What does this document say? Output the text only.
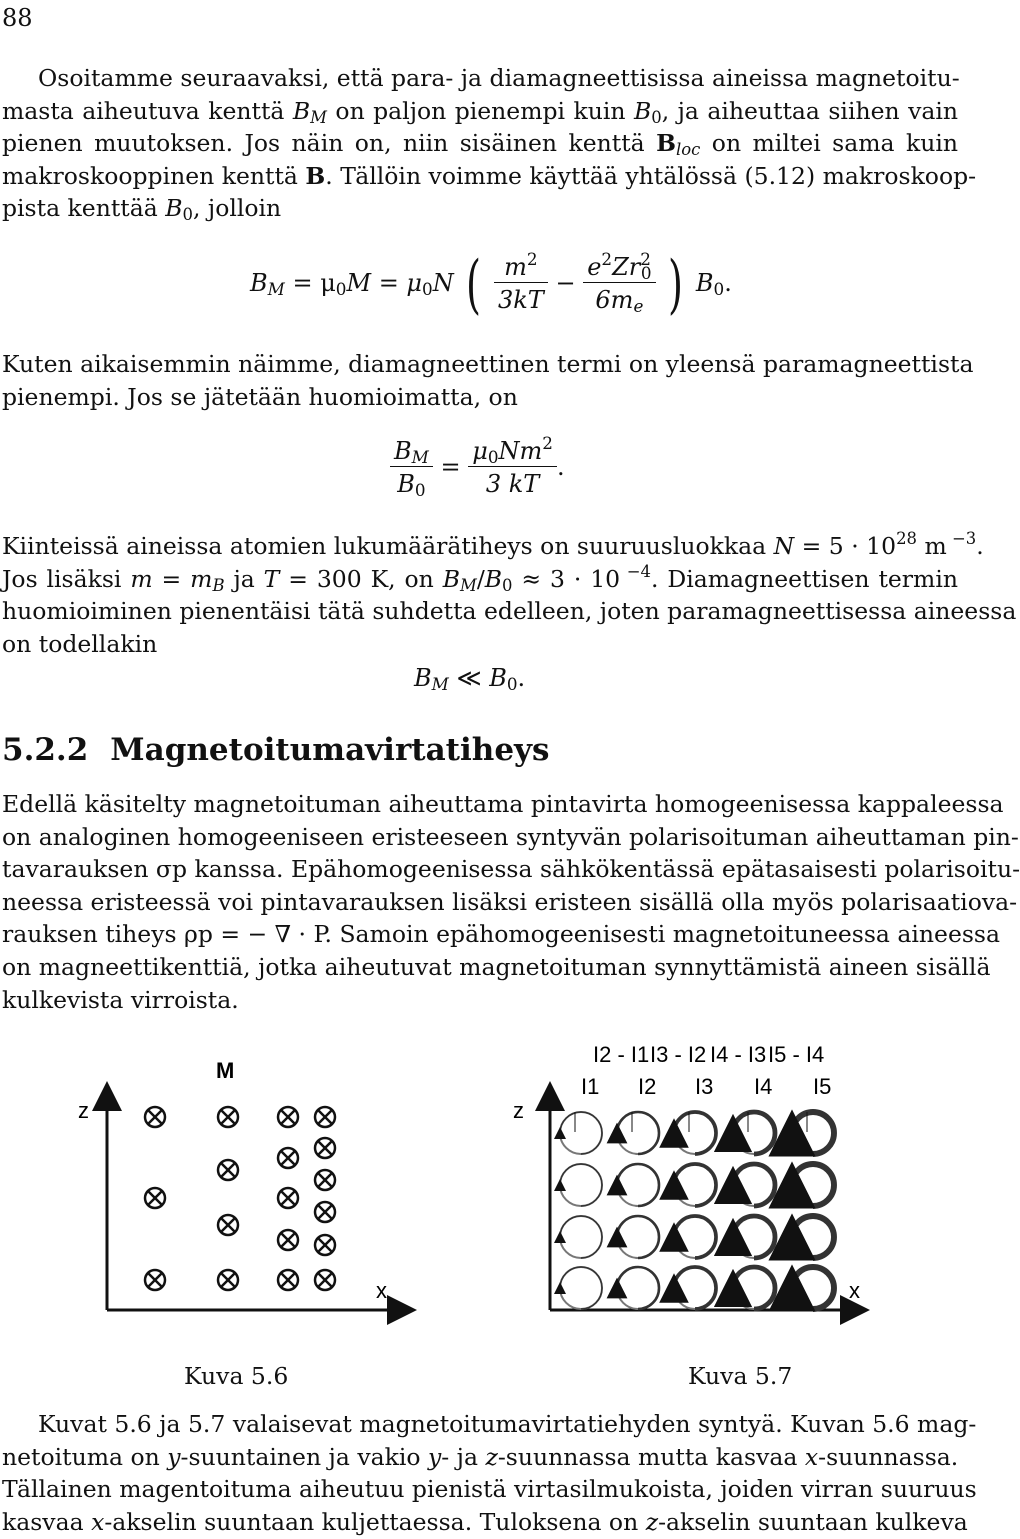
88
Osoitamme seuraavaksi, että para- ja diamagneettisissa aineissa magnetoitu-
masta aiheutuva kenttä $B_M$ on paljon pienempi kuin $B_0$, ja aiheuttaa siihen vain
pienen muutoksen. Jos näin on, niin sisäinen kenttä $B_{loc}$ on miltei sama kuin
makroskooppinen kenttä B. Tällöin voimme käyttää yhtälössä (5.12) makroskoop-
pista kenttää $B_0$, jolloin
$B_M = \mu_0M = \mu_0N$ ( $\frac{m^2}{3kT} - \frac{e^2Zr^2_0}{6m_e}$ ) $B_0$.
Kuten aikaisemmin näimme, diamagneettinen termi on yleensä paramagneettista
pienempi. Jos se jätetään huomioimatta, on
$\frac{B_M}{B_0} = \frac{\mu_0Nm^2}{3 kT}$ .
Kiinteissä aineissa atomien lukumäärätiheys on suuruusluokkaa $N = 5 \cdot 10^{28}$ m $^{-3}$.
Jos lisäksi $m = m_B$ ja T = 300 K, on $B_M/B_0 \approx 3 \cdot 10$ $^{-4}$. Diamagneettisen termin
huomioiminen pienentäisi tätä suhdetta edelleen, joten paramagneettisessa aineessa
on todellakin
$B_M$ ≪ $B_0$.
5.2.2 Magnetoitumavirtatiheys
Edellä käsitelty magnetoituman aiheuttama pintavirta homogeenisessa kappaleessa
on analoginen homogeeniseen eristeeseen syntyvän polarisoituman aiheuttaman pin-
tavarauksen σp kanssa. Epähomogeenisessa sähkökentässä epätasaisesti polarisoitu-
neessa eristeessä voi pintavarauksen lisäksi eristeen sisällä olla myös polarisaatiova-
rauksen tiheys ρp = − ∇ · P. Samoin epähomogeenisesti magnetoituneessa aineessa
on magneettikenttiä, jotka aiheutuvat magnetoituman synnyttämistä aineen sisällä
kulkevista virroista.
z
x
M
Kuva 5.6
z
x
I2 - I1 I3 - I2 I4 - I3 I5 - I4
I1 I2 I3 I4 I5
Kuva 5.7
Kuvat 5.6 ja 5.7 valaisevat magnetoitumavirtatiehyden syntyä. Kuvan 5.6 mag-
netoituma on y-suuntainen ja vakio y- ja z-suunnassa mutta kasvaa x-suunnassa.
Tällainen magentoituma aiheutuu pienistä virtasilmukoista, joiden virran suuruus
kasvaa x-akselin suuntaan kuljettaessa. Tuloksena on z-akselin suuntaan kulkeva
